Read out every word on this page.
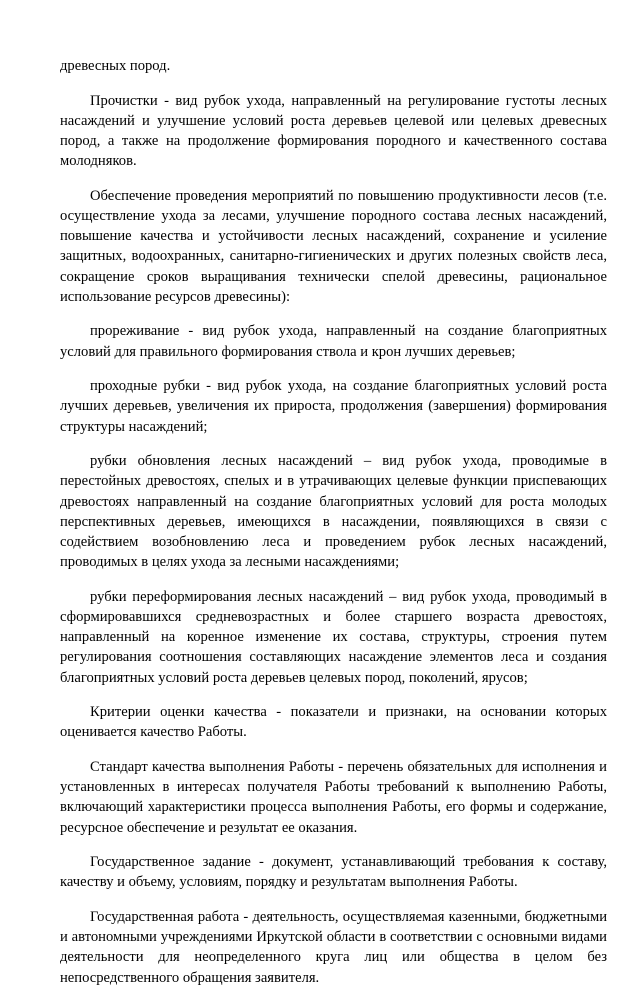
древесных пород.

Прочистки - вид рубок ухода, направленный на регулирование густоты лесных насаждений и улучшение условий роста деревьев целевой или целевых древесных пород, а также на продолжение формирования породного и качественного состава молодняков.

Обеспечение проведения мероприятий по повышению продуктивности лесов (т.е. осуществление ухода за лесами, улучшение породного состава лесных насаждений, повышение качества и устойчивости лесных насаждений, сохранение и усиление защитных, водоохранных, санитарно-гигиенических и других полезных свойств леса, сокращение сроков выращивания технически спелой древесины, рациональное использование ресурсов древесины):

прореживание - вид рубок ухода, направленный на создание благоприятных условий для правильного формирования ствола и крон лучших деревьев;

проходные рубки - вид рубок ухода, на создание благоприятных условий роста лучших деревьев, увеличения их прироста, продолжения (завершения) формирования структуры насаждений;

рубки обновления лесных насаждений – вид рубок ухода, проводимые в перестойных древостоях, спелых и в утрачивающих целевые функции приспевающих древостоях направленный на создание благоприятных условий для роста молодых перспективных деревьев, имеющихся в насаждении, появляющихся в связи с содействием возобновлению леса и проведением рубок лесных насаждений, проводимых в целях ухода за лесными насаждениями;

рубки переформирования лесных насаждений – вид рубок ухода, проводимый в сформировавшихся средневозрастных и более старшего возраста древостоях, направленный на коренное изменение их состава, структуры, строения путем регулирования соотношения составляющих насаждение элементов леса и создания благоприятных условий роста деревьев целевых пород, поколений, ярусов;

Критерии оценки качества - показатели и признаки, на основании которых оценивается качество Работы.

Стандарт качества выполнения Работы - перечень обязательных для исполнения и установленных в интересах получателя Работы требований к выполнению Работы, включающий характеристики процесса выполнения Работы, его формы и содержание, ресурсное обеспечение и результат ее оказания.

Государственное задание - документ, устанавливающий требования к составу, качеству и объему, условиям, порядку и результатам выполнения Работы.

Государственная работа - деятельность, осуществляемая казенными, бюджетными и автономными учреждениями Иркутской области в соответствии с основными видами деятельности для неопределенного круга лиц или общества в целом без непосредственного обращения заявителя.
